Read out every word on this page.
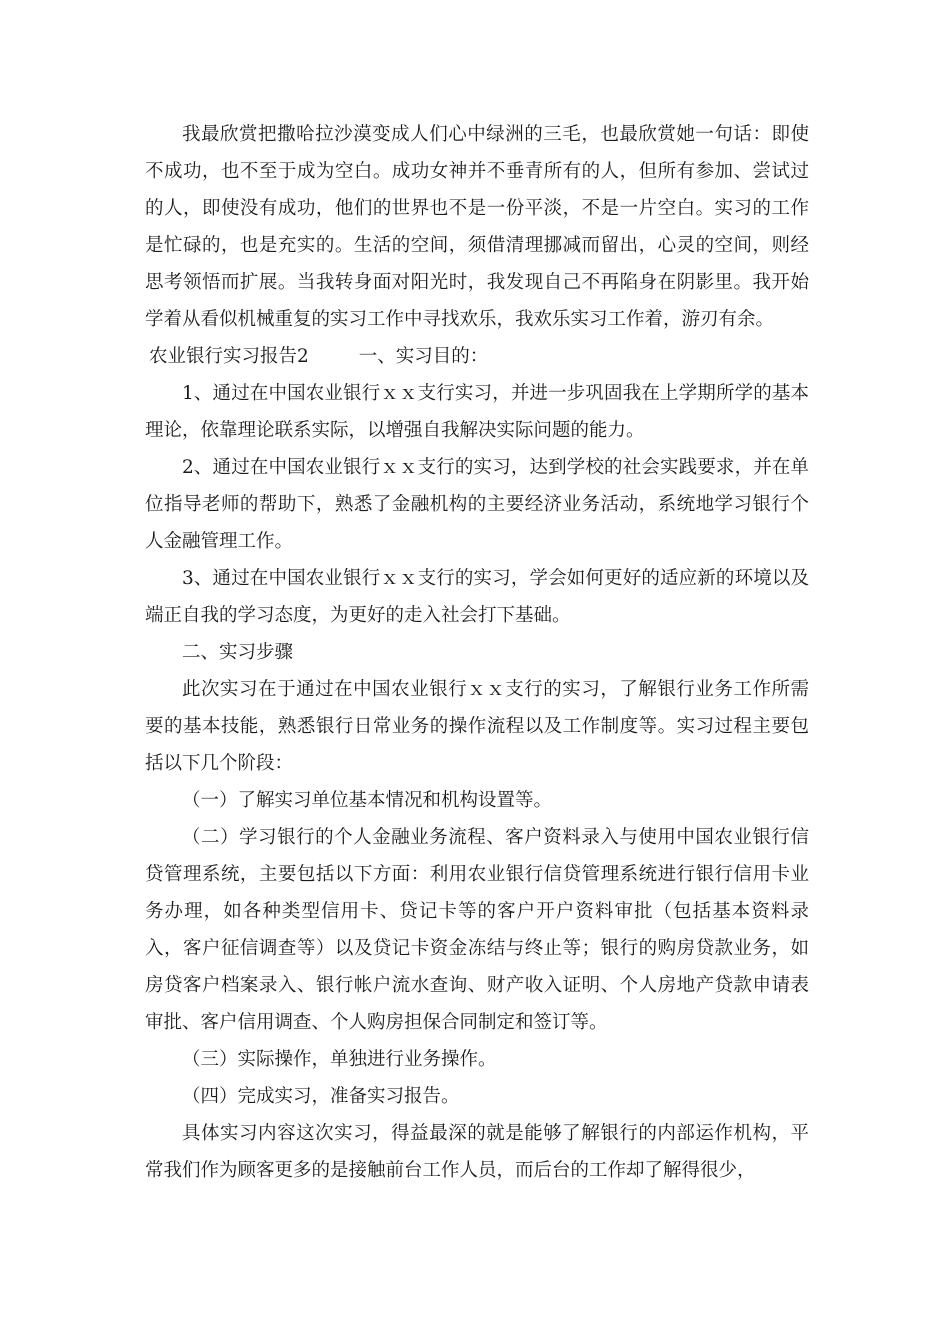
我最欣赏把撒哈拉沙漠变成人们心中绿洲的三毛，也最欣赏她一句话：即使不成功，也不至于成为空白。成功女神并不垂青所有的人，但所有参加、尝试过的人，即使没有成功，他们的世界也不是一份平淡，不是一片空白。实习的工作是忙碌的，也是充实的。生活的空间，须借清理挪减而留出，心灵的空间，则经思考领悟而扩展。当我转身面对阳光时，我发现自己不再陷身在阴影里。我开始学着从看似机械重复的实习工作中寻找欢乐，我欢乐实习工作着，游刃有余。

农业银行实习报告2	一、实习目的：

1、通过在中国农业银行ｘｘ支行实习，并进一步巩固我在上学期所学的基本理论，依靠理论联系实际，以增强自我解决实际问题的能力。

2、通过在中国农业银行ｘｘ支行的实习，达到学校的社会实践要求，并在单位指导老师的帮助下，熟悉了金融机构的主要经济业务活动，系统地学习银行个人金融管理工作。

3、通过在中国农业银行ｘｘ支行的实习，学会如何更好的适应新的环境以及端正自我的学习态度，为更好的走入社会打下基础。

二、实习步骤

此次实习在于通过在中国农业银行ｘｘ支行的实习，了解银行业务工作所需要的基本技能，熟悉银行日常业务的操作流程以及工作制度等。实习过程主要包括以下几个阶段：

（一）了解实习单位基本情况和机构设置等。

（二）学习银行的个人金融业务流程、客户资料录入与使用中国农业银行信贷管理系统，主要包括以下方面：利用农业银行信贷管理系统进行银行信用卡业务办理，如各种类型信用卡、贷记卡等的客户开户资料审批（包括基本资料录入，客户征信调查等）以及贷记卡资金冻结与终止等；银行的购房贷款业务，如房贷客户档案录入、银行帐户流水查询、财产收入证明、个人房地产贷款申请表审批、客户信用调查、个人购房担保合同制定和签订等。

（三）实际操作，单独进行业务操作。

（四）完成实习，准备实习报告。

具体实习内容这次实习，得益最深的就是能够了解银行的内部运作机构，平常我们作为顾客更多的是接触前台工作人员，而后台的工作却了解得很少，
